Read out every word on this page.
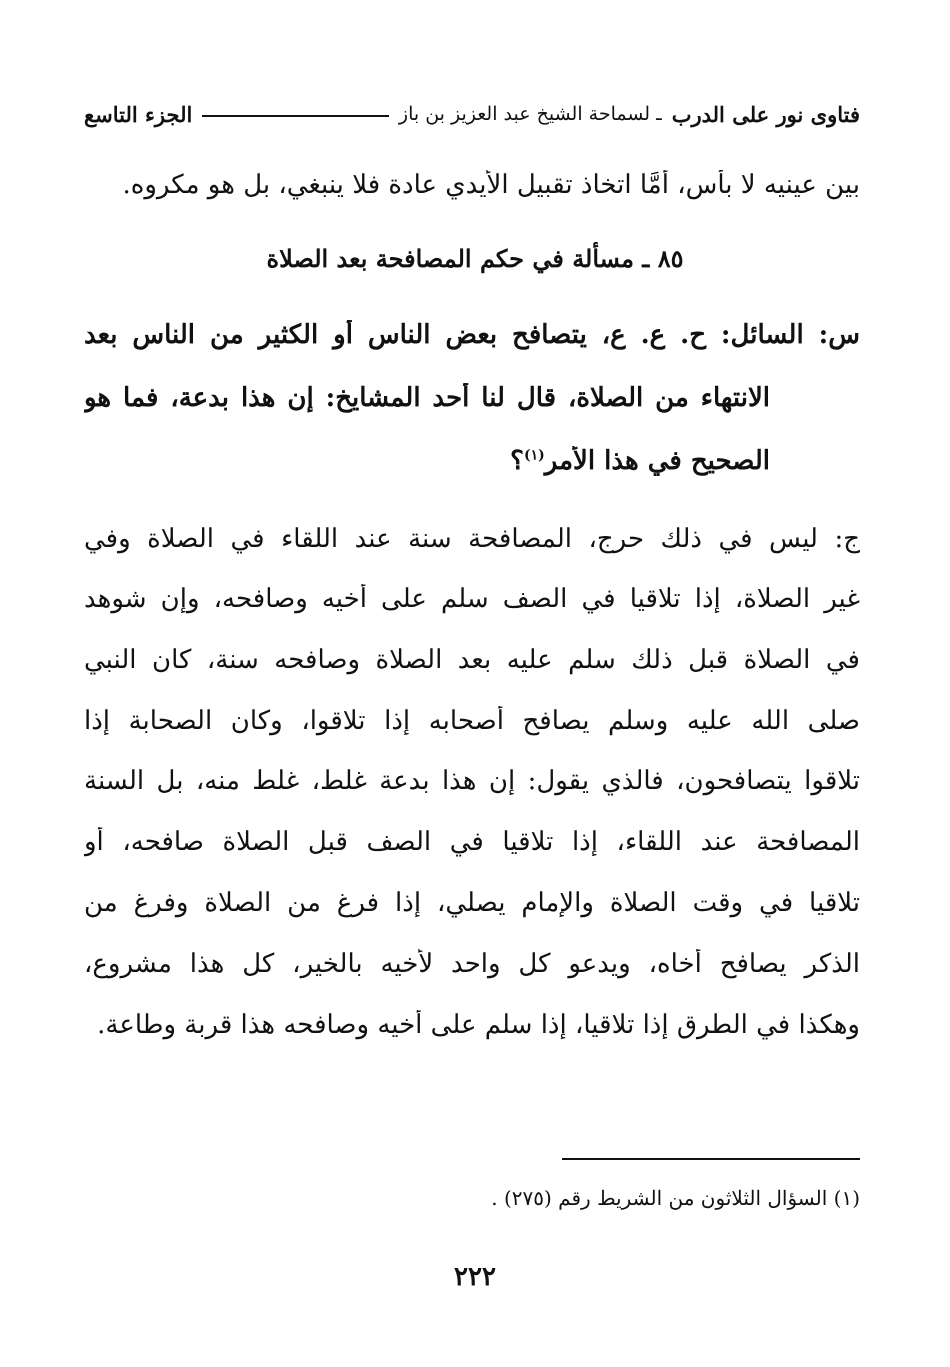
فتاوى نور على الدرب
ـ لسماحة الشيخ عبد العزيز بن باز
الجزء التاسع
بين عينيه لا بأس، أمَّا اتخاذ تقبيل الأيدي عادة فلا ينبغي، بل هو مكروه.
٨٥ ـ مسألة في حكم المصافحة بعد الصلاة
س: السائل: ح. ع. ع، يتصافح بعض الناس أو الكثير من الناس بعد
الانتهاء من الصلاة، قال لنا أحد المشايخ: إن هذا بدعة، فما هو
الصحيح في هذا الأمر$^{(١)}$؟
ج: ليس في ذلك حرج، المصافحة سنة عند اللقاء في الصلاة وفي
غير الصلاة، إذا تلاقيا في الصف سلم على أخيه وصافحه، وإن شوهد
في الصلاة قبل ذلك سلم عليه بعد الصلاة وصافحه سنة، كان النبي
صلى الله عليه وسلم يصافح أصحابه إذا تلاقوا، وكان الصحابة إذا
تلاقوا يتصافحون، فالذي يقول: إن هذا بدعة غلط، غلط منه، بل السنة
المصافحة عند اللقاء، إذا تلاقيا في الصف قبل الصلاة صافحه، أو
تلاقيا في وقت الصلاة والإمام يصلي، إذا فرغ من الصلاة وفرغ من
الذكر يصافح أخاه، ويدعو كل واحد لأخيه بالخير، كل هذا مشروع،
وهكذا في الطرق إذا تلاقيا، إذا سلم على أخيه وصافحه هذا قربة وطاعة.
(١) السؤال الثلاثون من الشريط رقم (٢٧٥) .
٢٢٢
